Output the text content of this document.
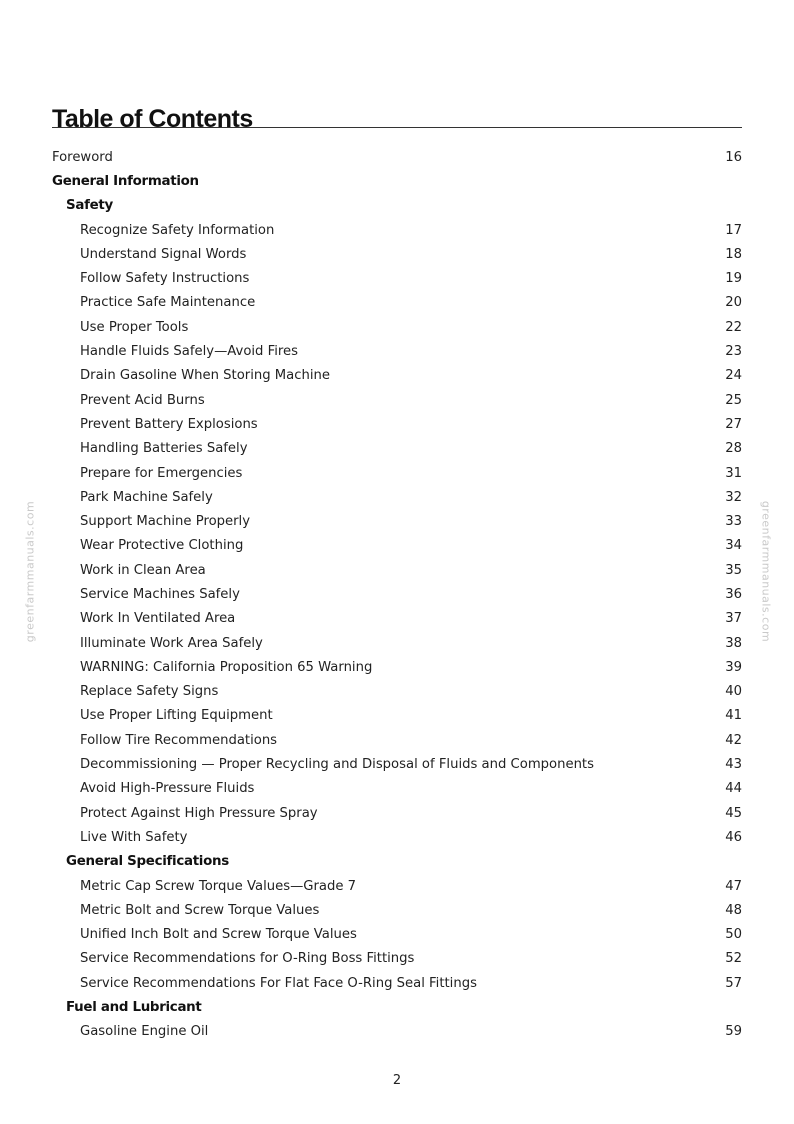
greenfarmmanuals.com	greenfarmmanuals.com
Table of Contents
Foreword	16
General Information
Safety
Recognize Safety Information	17
Understand Signal Words	18
Follow Safety Instructions	19
Practice Safe Maintenance	20
Use Proper Tools	22
Handle Fluids Safely—Avoid Fires	23
Drain Gasoline When Storing Machine	24
Prevent Acid Burns	25
Prevent Battery Explosions	27
Handling Batteries Safely	28
Prepare for Emergencies	31
Park Machine Safely	32
Support Machine Properly	33
Wear Protective Clothing	34
Work in Clean Area	35
Service Machines Safely	36
Work In Ventilated Area	37
Illuminate Work Area Safely	38
WARNING: California Proposition 65 Warning	39
Replace Safety Signs	40
Use Proper Lifting Equipment	41
Follow Tire Recommendations	42
Decommissioning — Proper Recycling and Disposal of Fluids and Components	43
Avoid High-Pressure Fluids	44
Protect Against High Pressure Spray	45
Live With Safety	46
General Specifications
Metric Cap Screw Torque Values—Grade 7	47
Metric Bolt and Screw Torque Values	48
Unified Inch Bolt and Screw Torque Values	50
Service Recommendations for O-Ring Boss Fittings	52
Service Recommendations For Flat Face O-Ring Seal Fittings	57
Fuel and Lubricant
Gasoline Engine Oil	59
2
